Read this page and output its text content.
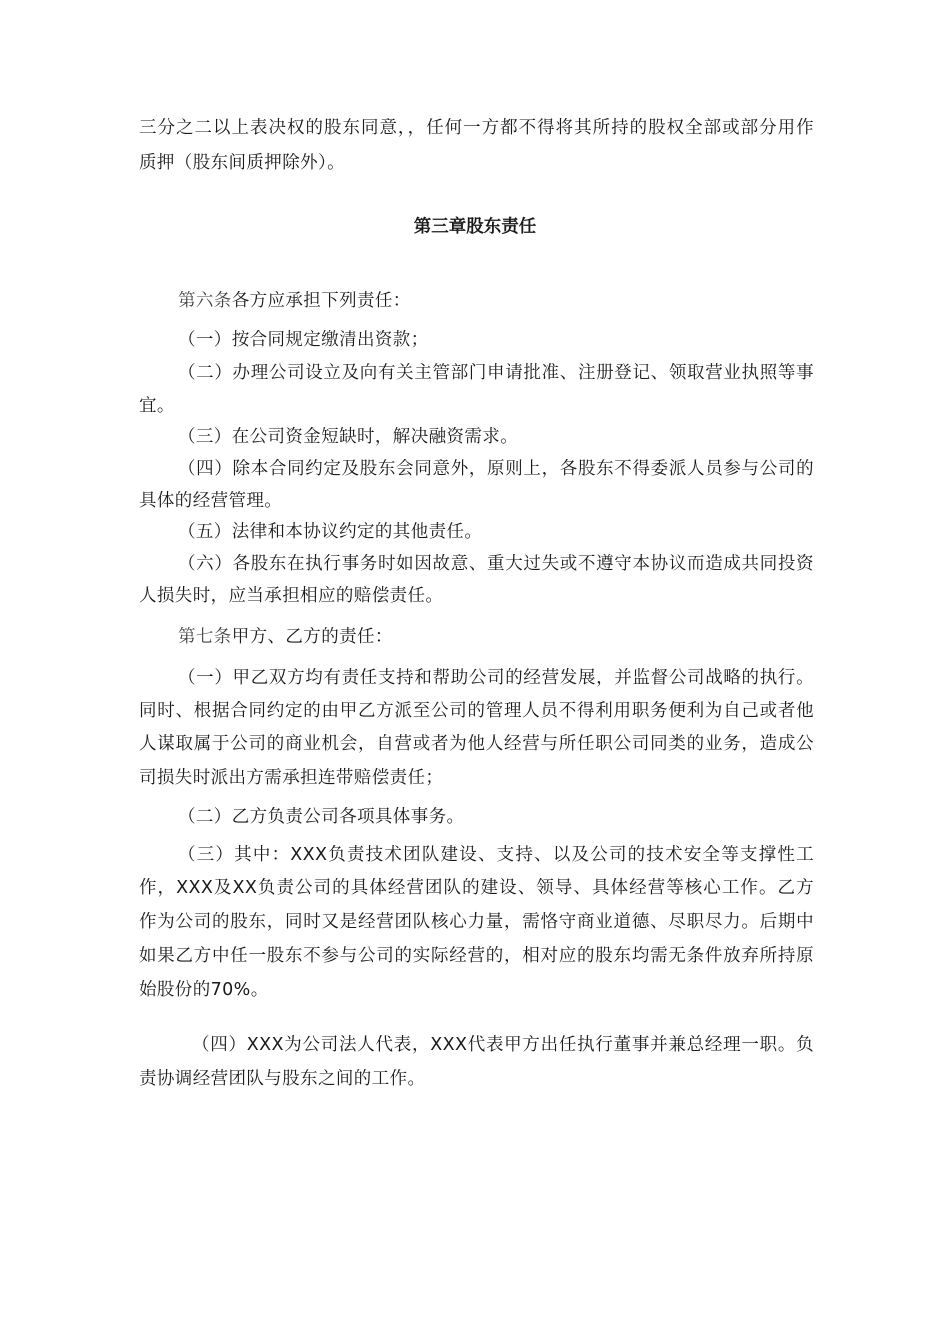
三分之二以上表决权的股东同意，，任何一方都不得将其所持的股权全部或部分用作
质押（股东间质押除外）。
第三章股东责任
第六条各方应承担下列责任：
（一）按合同规定缴清出资款；
（二）办理公司设立及向有关主管部门申请批准、注册登记、领取营业执照等事
宜。
（三）在公司资金短缺时，解决融资需求。
（四）除本合同约定及股东会同意外，原则上，各股东不得委派人员参与公司的
具体的经营管理。
（五）法律和本协议约定的其他责任。
（六）各股东在执行事务时如因故意、重大过失或不遵守本协议而造成共同投资
人损失时，应当承担相应的赔偿责任。
第七条甲方、乙方的责任：
（一）甲乙双方均有责任支持和帮助公司的经营发展，并监督公司战略的执行。
同时、根据合同约定的由甲乙方派至公司的管理人员不得利用职务便利为自己或者他
人谋取属于公司的商业机会，自营或者为他人经营与所任职公司同类的业务，造成公
司损失时派出方需承担连带赔偿责任；
（二）乙方负责公司各项具体事务。
（三）其中：XXX负责技术团队建设、支持、以及公司的技术安全等支撑性工
作，XXX及XX负责公司的具体经营团队的建设、领导、具体经营等核心工作。乙方
作为公司的股东，同时又是经营团队核心力量，需恪守商业道德、尽职尽力。后期中
如果乙方中任一股东不参与公司的实际经营的，相对应的股东均需无条件放弃所持原
始股份的70%。
（四）XXX为公司法人代表，XXX代表甲方出任执行董事并兼总经理一职。负
责协调经营团队与股东之间的工作。
